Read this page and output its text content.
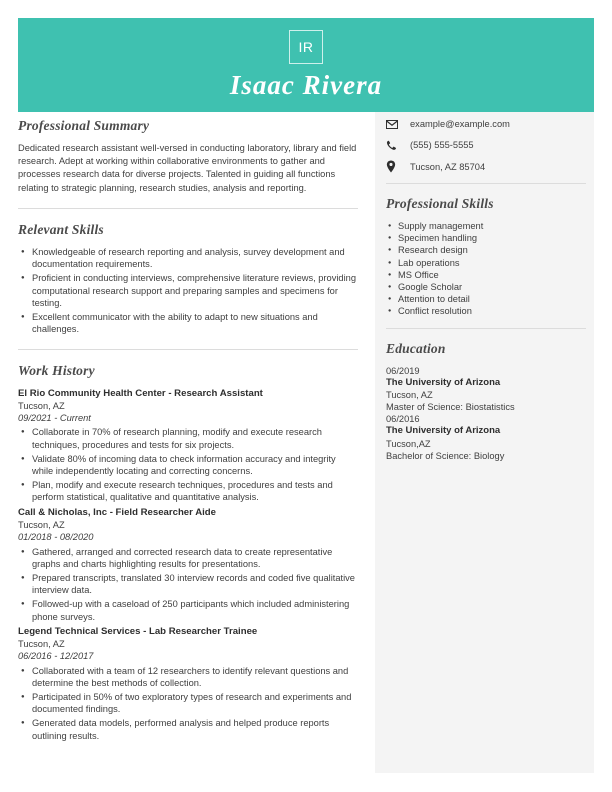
IR
Isaac Rivera
Professional Summary

Dedicated research assistant well-versed in conducting laboratory, library and field research. Adept at working within collaborative environments to gather and processes research data for diverse projects. Talented in guiding all functions relating to strategic planning, research studies, analysis and reporting.

Relevant Skills
● Knowledgeable of research reporting and analysis, survey development and documentation requirements.
● Proficient in conducting interviews, comprehensive literature reviews, providing computational research support and preparing samples and specimens for testing.
● Excellent communicator with the ability to adapt to new situations and challenges.
Work History

El Rio Community Health Center - Research Assistant

Tucson, AZ

09/2021 - Current

● Collaborate in 70% of research planning, modify and execute research techniques, procedures and tests for six projects.
● Validate 80% of incoming data to check information accuracy and integrity while independently locating and correcting concerns.
● Plan, modify and execute research techniques, procedures and tests and perform statistical, qualitative and quantitative analysis.

Call & Nicholas, Inc - Field Researcher Aide

Tucson, AZ

01/2018 - 08/2020

● Gathered, arranged and corrected research data to create representative graphs and charts highlighting results for presentations.
● Prepared transcripts, translated 30 interview records and coded five qualitative interview data.
● Followed-up with a caseload of 250 participants which included administering phone surveys.

Legend Technical Services - Lab Researcher Trainee

Tucson, AZ

06/2016 - 12/2017

● Collaborated with a team of 12 researchers to identify relevant questions and determine the best methods of collection.
● Participated in 50% of two exploratory types of research and experiments and documented findings.
● Generated data models, performed analysis and helped produce reports outlining results.
example@example.com
(555) 555-5555
Tucson, AZ 85704
Professional Skills
● Supply management
● Specimen handling
● Research design
● Lab operations
● MS Office
● Google Scholar
● Attention to detail
● Conflict resolution
Education

06/2019

The University of Arizona

Tucson, AZ

Master of Science: Biostatistics

06/2016

The University of Arizona

Tucson,AZ

Bachelor of Science: Biology
